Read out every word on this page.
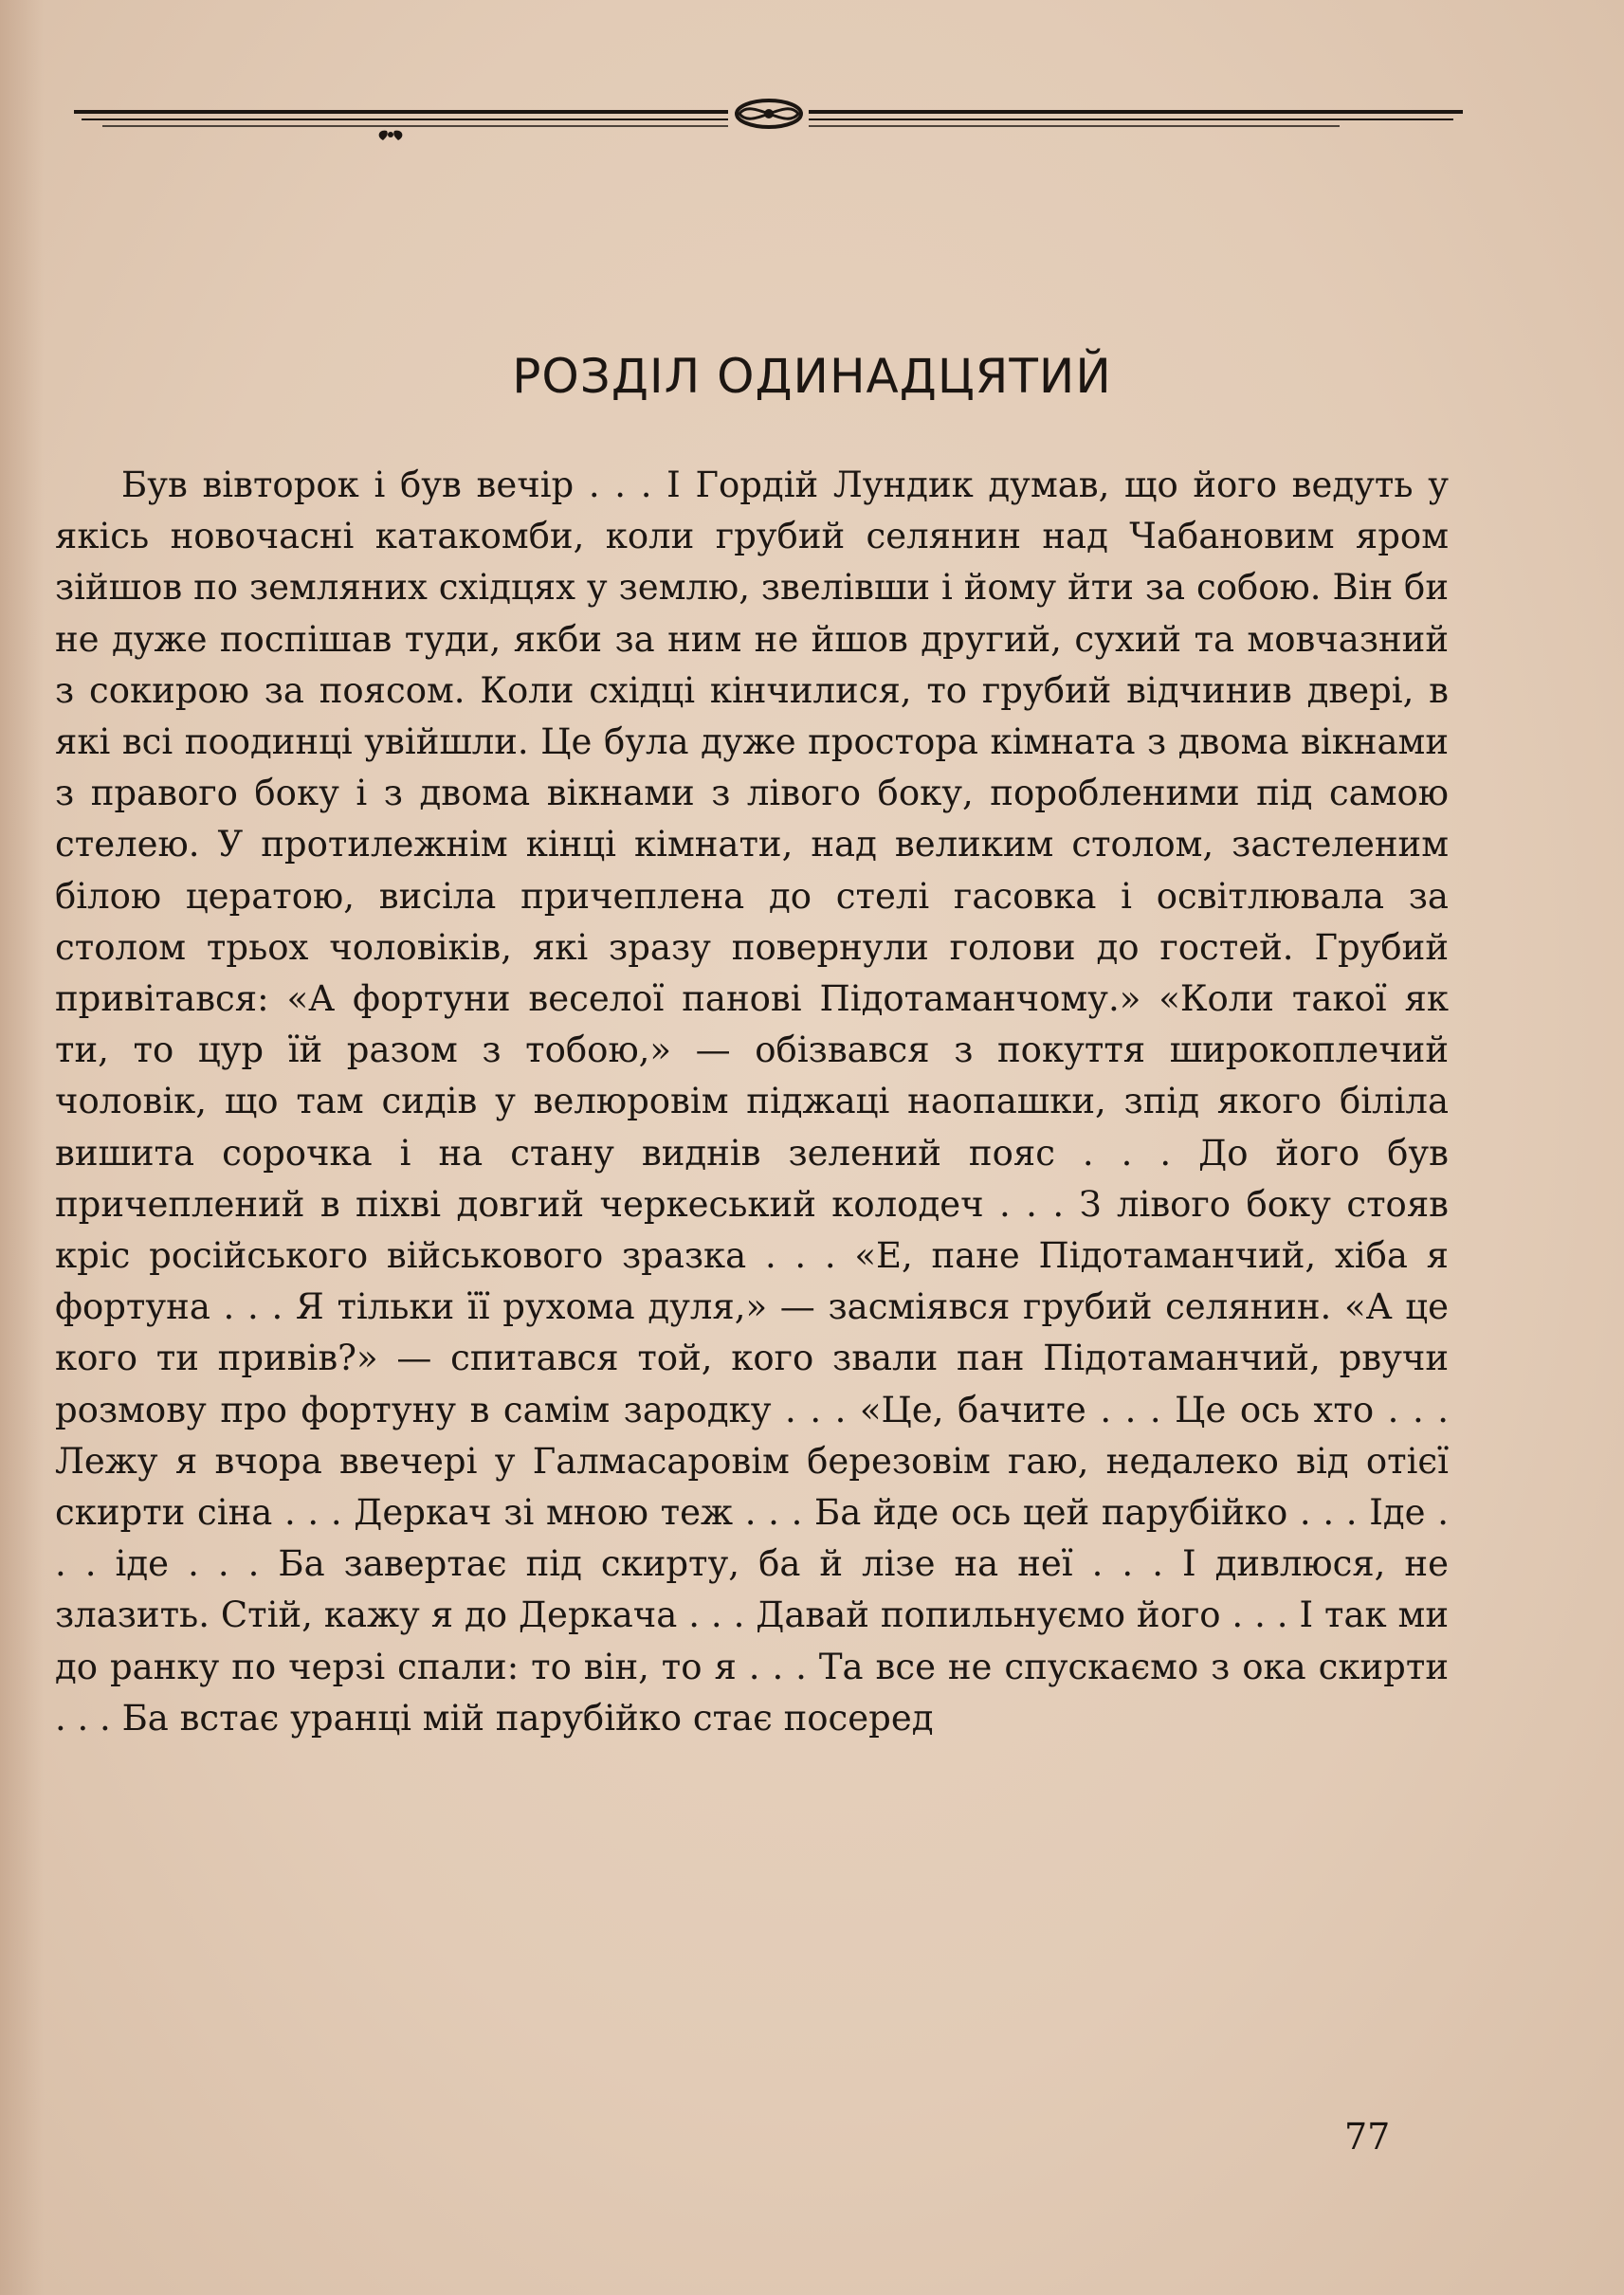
РОЗДІЛ ОДИНАДЦЯТИЙ

Був вівторок і був вечір . . . І Гордій Лундик думав, що його ведуть у якісь новочасні катакомби, коли грубий селянин над Чабановим яром зійшов по земляних східцях у землю, звелівши і йому йти за собою. Він би не дуже поспішав туди, якби за ним не йшов другий, сухий та мовчазний з сокирою за поясом. Коли східці кінчилися, то грубий відчинив двері, в які всі поодинці увійшли. Це була дуже простора кімната з двома вікнами з правого боку і з двома вікнами з лівого боку, поробленими під самою стелею. У протилежнім кінці кімнати, над великим столом, застеленим білою цератою, висіла причеплена до стелі гасовка і освітлювала за столом трьох чоловіків, які зразу повернули голови до гостей. Грубий привітався: «А фортуни веселої панові Підотаманчому.» «Коли такої як ти, то цур їй разом з тобою,» — обізвався з покуття широкоплечий чоловік, що там сидів у велюровім піджаці наопашки, зпід якого біліла вишита сорочка і на стану виднів зелений пояс . . . До його був причеплений в піхві довгий черкеський колодеч . . . З лівого боку стояв кріс російського військового зразка . . . «Е, пане Підотаманчий, хіба я фортуна . . . Я тільки її рухома дуля,» — засміявся грубий селянин. «А це кого ти привів?» — спитався той, кого звали пан Підотаманчий, рвучи розмову про фортуну в самім зародку . . . «Це, бачите . . . Це ось хто . . . Лежу я вчора ввечері у Галмасаровім березовім гаю, недалеко від отієї скирти сіна . . . Деркач зі мною теж . . . Ба йде ось цей парубійко . . . Іде . . . іде . . . Ба завертає під скирту, ба й лізе на неї . . . І дивлюся, не злазить. Стій, кажу я до Деркача . . . Давай попильнуємо його . . . І так ми до ранку по черзі спали: то він, то я . . . Та все не спускаємо з ока скирти . . . Ба встає уранці мій парубійко стає посеред

77
